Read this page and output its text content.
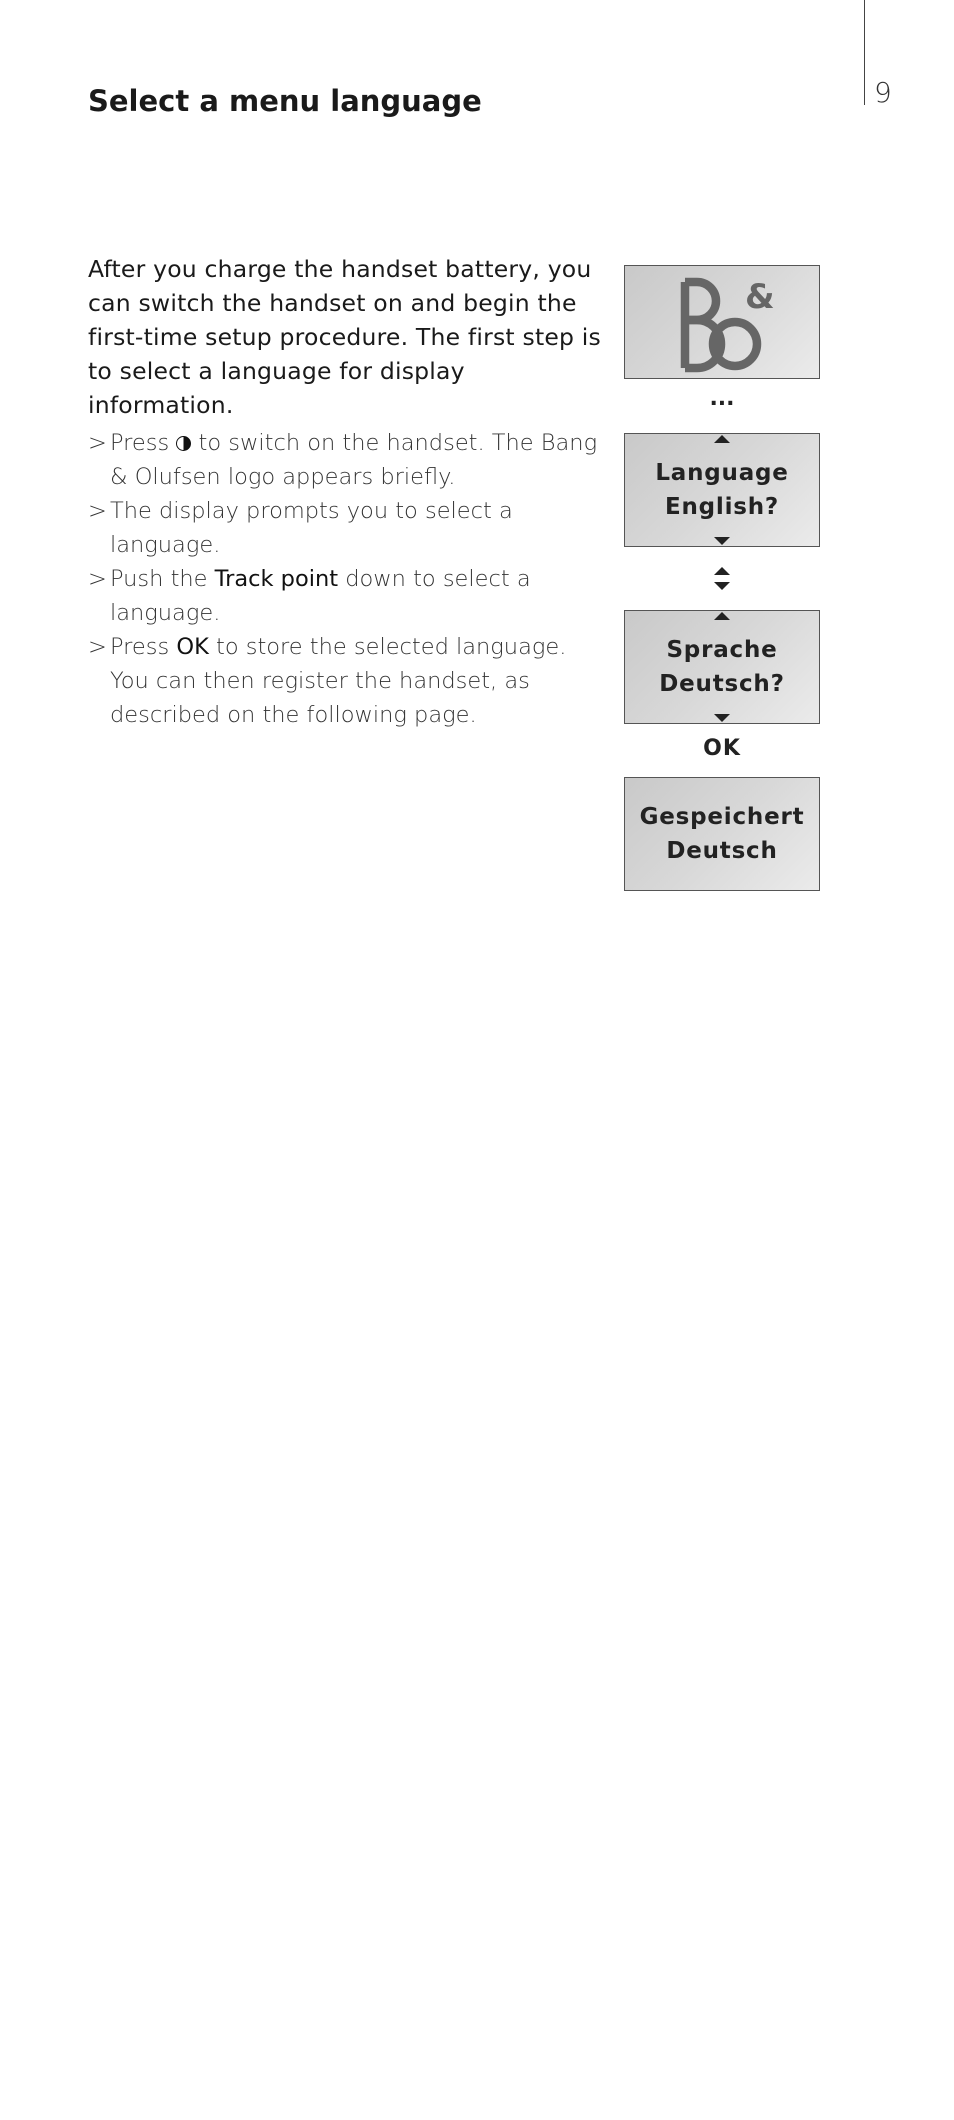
9
Select a menu language

After you charge the handset battery, you can switch the handset on and begin the first-time setup procedure. The first step is to select a language for display information.

> Press  to switch on the handset. The Bang & Olufsen logo appears briefly.
> The display prompts you to select a language.
> Push the Track point down to select a language.
> Press OK to store the selected language. You can then register the handset, as described on the following page.
&
...
Language
English?
Sprache
Deutsch?
OK
Gespeichert
Deutsch
